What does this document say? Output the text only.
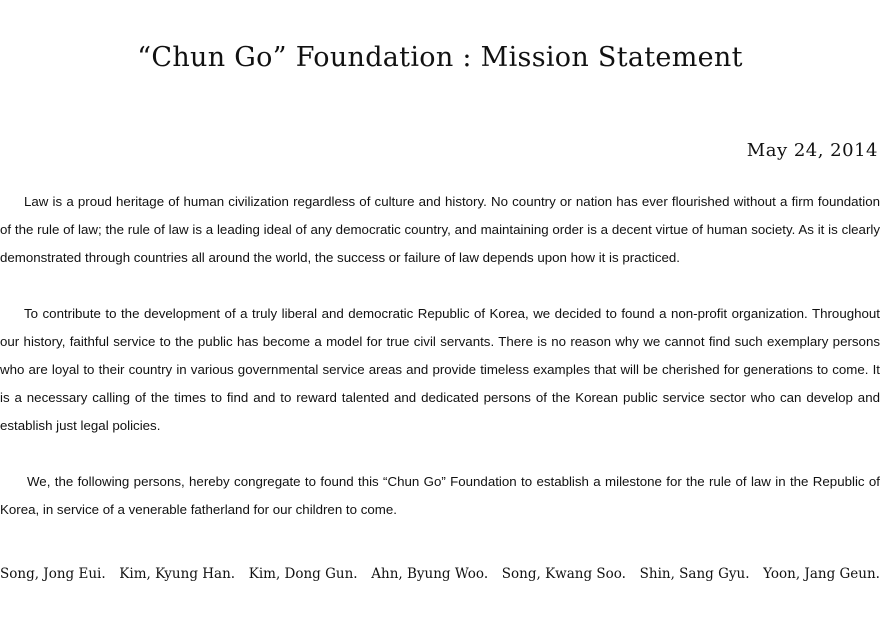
“Chun Go” Foundation : Mission Statement
May 24, 2014

Law is a proud heritage of human civilization regardless of culture and history. No country or nation has ever flourished without a firm foundation of the rule of law; the rule of law is a leading ideal of any democratic country, and maintaining order is a decent virtue of human society. As it is clearly demonstrated through countries all around the world, the success or failure of law depends upon how it is practiced.

To contribute to the development of a truly liberal and democratic Republic of Korea, we decided to found a non-profit organization. Throughout our history, faithful service to the public has become a model for true civil servants. There is no reason why we cannot find such exemplary persons who are loyal to their country in various governmental service areas and provide timeless examples that will be cherished for generations to come. It is a necessary calling of the times to find and to reward talented and dedicated persons of the Korean public service sector who can develop and establish just legal policies.

We, the following persons, hereby congregate to found this “Chun Go” Foundation to establish a milestone for the rule of law in the Republic of Korea, in service of a venerable fatherland for our children to come.

Song, Jong Eui. Kim, Kyung Han. Kim, Dong Gun. Ahn, Byung Woo. Song, Kwang Soo. Shin, Sang Gyu. Yoon, Jang Geun.
